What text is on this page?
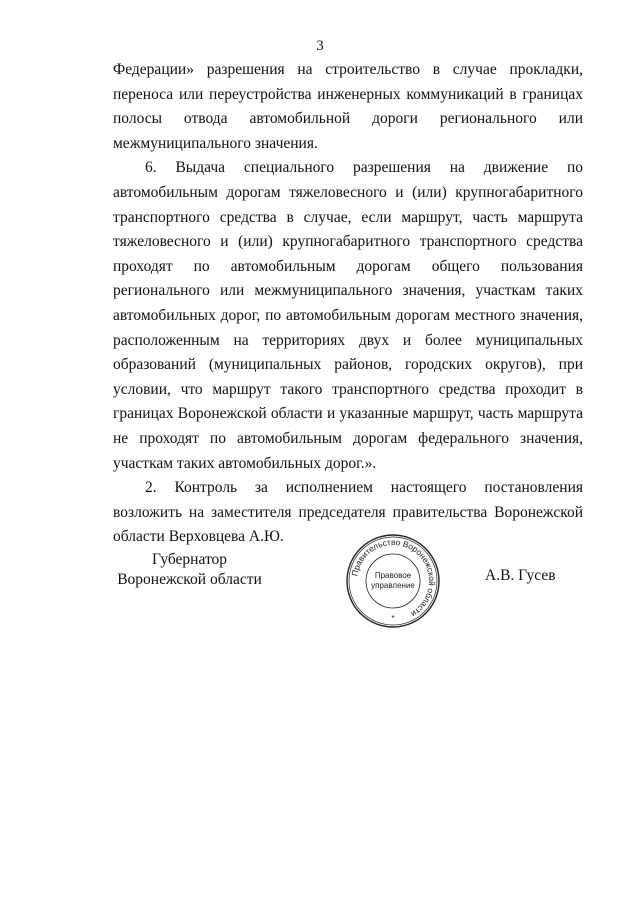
3

Федерации» разрешения на строительство в случае прокладки, переноса или переустройства инженерных коммуникаций в границах полосы отвода автомобильной дороги регионального или межмуниципального значения.

6. Выдача специального разрешения на движение по автомобильным дорогам тяжеловесного и (или) крупногабаритного транспортного средства в случае, если маршрут, часть маршрута тяжеловесного и (или) крупногабаритного транспортного средства проходят по автомобильным дорогам общего пользования регионального или межмуниципального значения, участкам таких автомобильных дорог, по автомобильным дорогам местного значения, расположенным на территориях двух и более муниципальных образований (муниципальных районов, городских округов), при условии, что маршрут такого транспортного средства проходит в границах Воронежской области и указанные маршрут, часть маршрута не проходят по автомобильным дорогам федерального значения, участкам таких автомобильных дорог.».

2. Контроль за исполнением настоящего постановления возложить на заместителя председателя правительства Воронежской области Верховцева А.Ю.

Губернатор
Воронежской области	Правительство Воронежской области
Правовое
управление
*
А.В. Гусев
